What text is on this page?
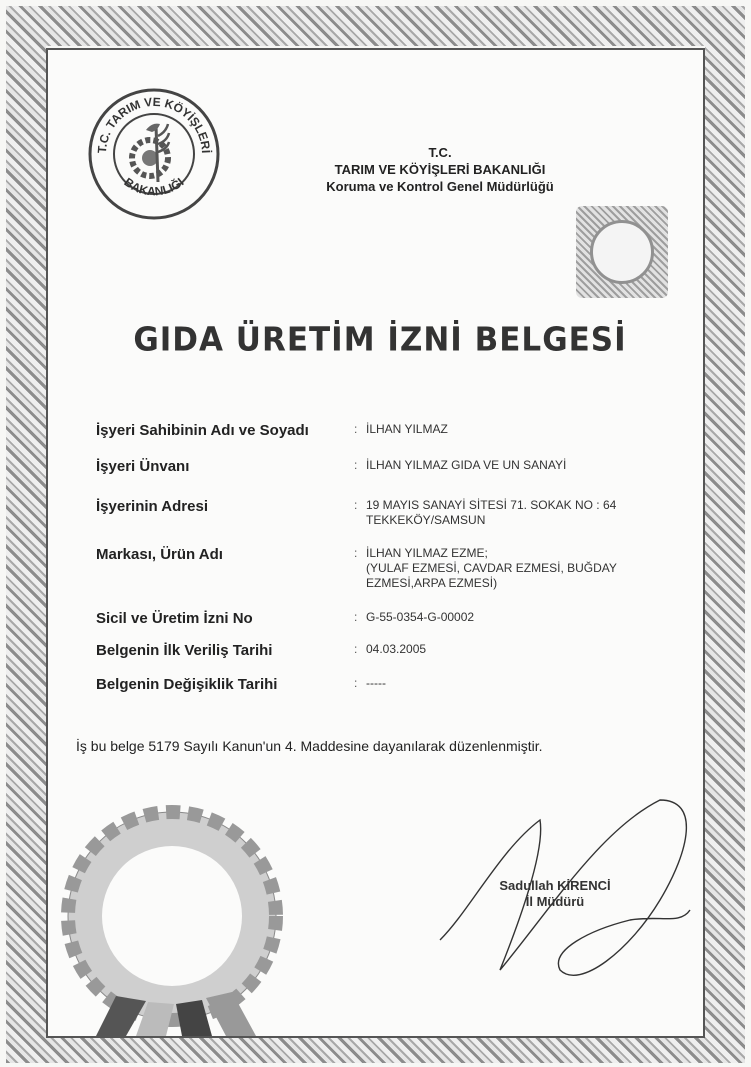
T.C. TARIM VE KÖYİŞLERİ
BAKANLIĞI
T.C.
TARIM VE KÖYİŞLERİ BAKANLIĞI
Koruma ve Kontrol Genel Müdürlüğü
GIDA ÜRETİM İZNİ BELGESİ
İşyeri Sahibinin Adı ve Soyadı	: İLHAN YILMAZ
İşyeri Ünvanı	: İLHAN YILMAZ GIDA VE UN SANAYİ
İşyerinin Adresi	: 19 MAYIS SANAYİ SİTESİ 71. SOKAK NO : 64
TEKKEKÖY/SAMSUN
Markası, Ürün Adı	: İLHAN YILMAZ EZME;
(YULAF EZMESİ, CAVDAR EZMESİ, BUĞDAY
EZMESİ,ARPA EZMESİ)
Sicil ve Üretim İzni No	: G-55-0354-G-00002
Belgenin İlk Veriliş Tarihi	: 04.03.2005
Belgenin Değişiklik Tarihi	: -----
İş bu belge 5179 Sayılı Kanun'un 4. Maddesine dayanılarak düzenlenmiştir.
Sadullah KİRENCİ
İl Müdürü
